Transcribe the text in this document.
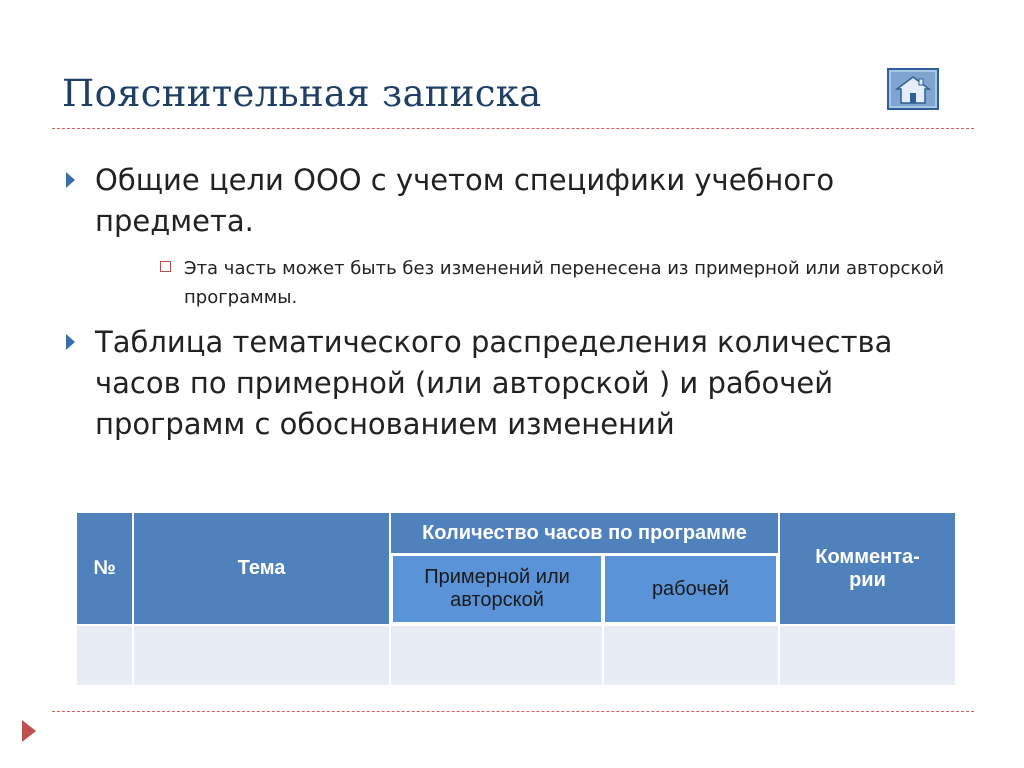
Пояснительная записка
Общие цели ООО с учетом специфики учебного предмета.
Эта часть может быть без изменений перенесена из примерной или авторской программы.
Таблица тематического распределения количества часов по примерной (или авторской ) и рабочей программ с обоснованием изменений
№	Тема
Количество часов по программе
Примерной или авторской
рабочей
Коммента-рии
